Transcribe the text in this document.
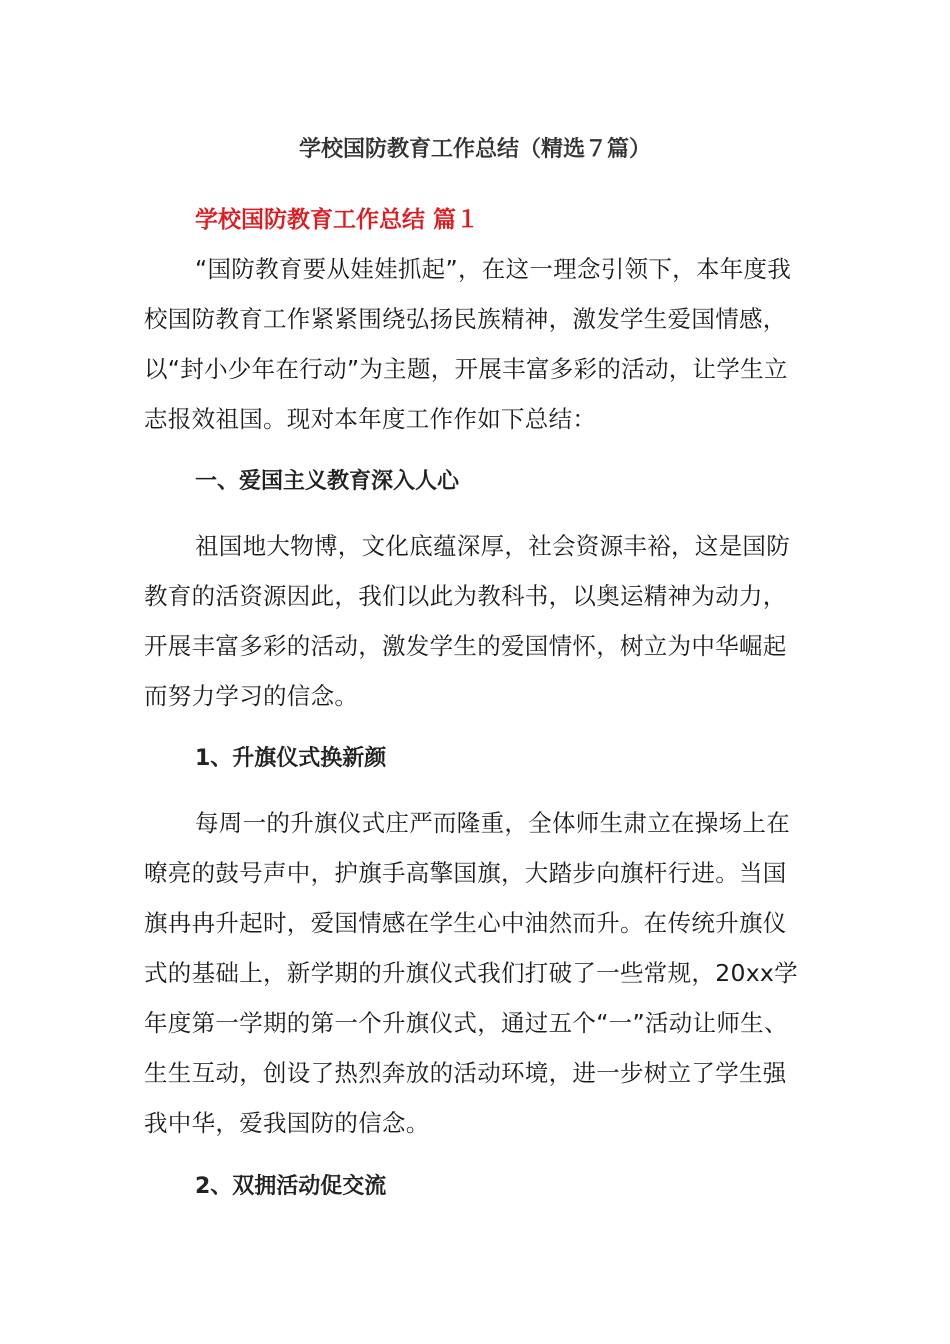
学校国防教育工作总结（精选７篇）
学校国防教育工作总结 篇１

“国防教育要从娃娃抓起”，在这一理念引领下，本年度我校国防教育工作紧紧围绕弘扬民族精神，激发学生爱国情感，以“封小少年在行动”为主题，开展丰富多彩的活动，让学生立志报效祖国。现对本年度工作作如下总结：

一、爱国主义教育深入人心

祖国地大物博，文化底蕴深厚，社会资源丰裕，这是国防教育的活资源因此，我们以此为教科书，以奥运精神为动力，开展丰富多彩的活动，激发学生的爱国情怀，树立为中华崛起而努力学习的信念。

1、升旗仪式换新颜

每周一的升旗仪式庄严而隆重，全体师生肃立在操场上在嘹亮的鼓号声中，护旗手高擎国旗，大踏步向旗杆行进。当国旗冉冉升起时，爱国情感在学生心中油然而升。在传统升旗仪式的基础上，新学期的升旗仪式我们打破了一些常规，20xx学年度第一学期的第一个升旗仪式，通过五个“一”活动让师生、生生互动，创设了热烈奔放的活动环境，进一步树立了学生强我中华，爱我国防的信念。

2、双拥活动促交流
